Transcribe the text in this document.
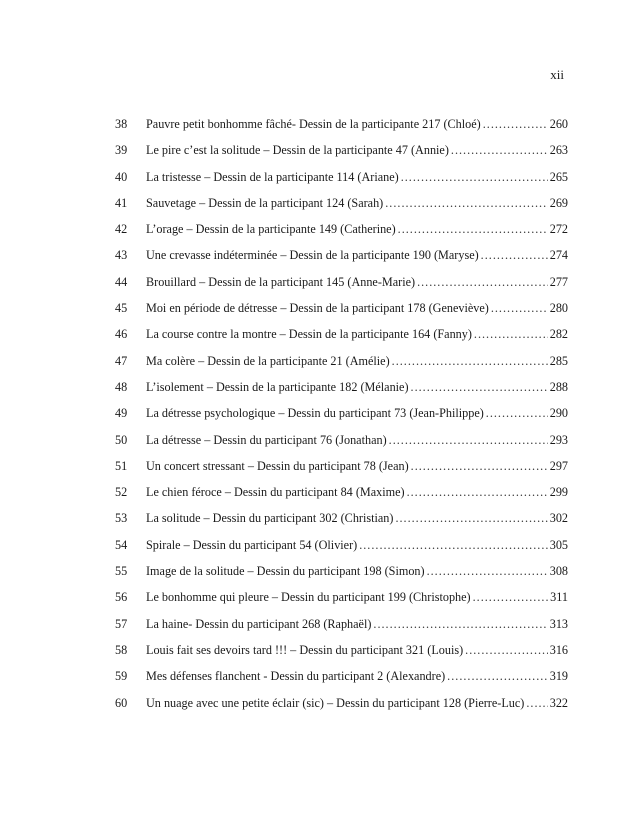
xii
38	Pauvre petit bonhomme fâché- Dessin de la participante 217 (Chloé) .....	260
39	Le pire c’est la solitude – Dessin de la participante 47 (Annie) .....	263
40	La tristesse – Dessin de la participante 114 (Ariane) .....	265
41	Sauvetage – Dessin de la participant 124 (Sarah) .....	269
42	L’orage – Dessin de la participante 149 (Catherine) .....	272
43	Une crevasse indéterminée – Dessin de la participante 190 (Maryse) .....	274
44	Brouillard – Dessin de la participant 145 (Anne-Marie) .....	277
45	Moi en période de détresse – Dessin de la participant 178 (Geneviève) .....	280
46	La course contre la montre – Dessin de la participante 164 (Fanny) .....	282
47	Ma colère – Dessin de la participante 21 (Amélie) .....	285
48	L’isolement – Dessin de la participante 182 (Mélanie) .....	288
49	La détresse psychologique – Dessin du participant 73 (Jean-Philippe) .....	290
50	La détresse – Dessin du participant 76 (Jonathan) .....	293
51	Un concert stressant – Dessin du participant 78 (Jean) .....	297
52	Le chien féroce – Dessin du participant 84 (Maxime) .....	299
53	La solitude – Dessin du participant 302 (Christian) .....	302
54	Spirale – Dessin du participant 54 (Olivier) .....	305
55	Image de la solitude – Dessin du participant 198 (Simon) .....	308
56	Le bonhomme qui pleure – Dessin du participant 199 (Christophe) .....	311
57	La haine- Dessin du participant 268 (Raphaël) .....	313
58	Louis fait ses devoirs tard !!! – Dessin du participant 321 (Louis) .....	316
59	Mes défenses flanchent - Dessin du participant 2 (Alexandre) .....	319
60	Un nuage avec une petite éclair (sic) – Dessin du participant 128 (Pierre-Luc) ..... 322
